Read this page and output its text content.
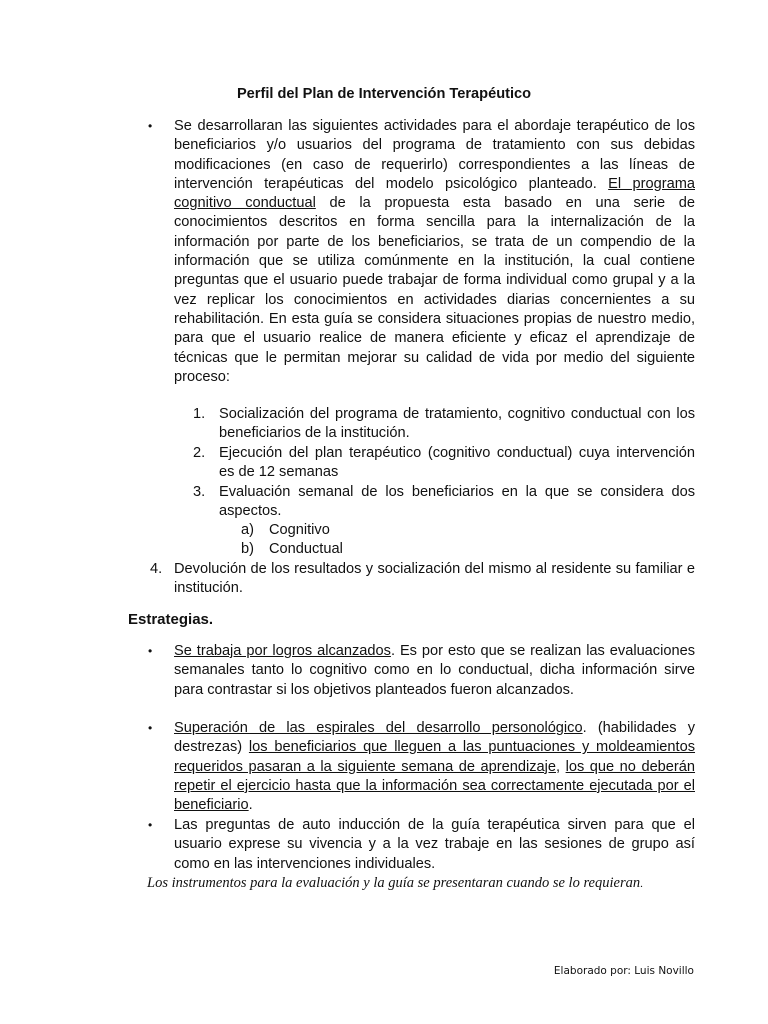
Perfil del Plan de Intervención Terapéutico
• Se desarrollaran las siguientes actividades para el abordaje terapéutico de los beneficiarios y/o usuarios del programa de tratamiento con sus debidas modificaciones (en caso de requerirlo) correspondientes a las líneas de intervención terapéuticas del modelo psicológico planteado. El programa cognitivo conductual de la propuesta esta basado en una serie de conocimientos descritos en forma sencilla para la internalización de la información por parte de los beneficiarios, se trata de un compendio de la información que se utiliza comúnmente en la institución, la cual contiene preguntas que el usuario puede trabajar de forma individual como grupal y a la vez replicar los conocimientos en actividades diarias concernientes a su rehabilitación. En esta guía se considera situaciones propias de nuestro medio, para que el usuario realice de manera eficiente y eficaz el aprendizaje de técnicas que le permitan mejorar su calidad de vida por medio del siguiente proceso:

1. Socialización del programa de tratamiento, cognitivo conductual con los beneficiarios de la institución.
2. Ejecución del plan terapéutico (cognitivo conductual) cuya intervención es de 12 semanas
3. Evaluación semanal de los beneficiarios en la que se considera dos aspectos.
a) Cognitivo
b) Conductual
4. Devolución de los resultados y socialización del mismo al residente su familiar e institución.
Estrategias.
• Se trabaja por logros alcanzados. Es por esto que se realizan las evaluaciones semanales tanto lo cognitivo como en lo conductual, dicha información sirve para contrastar si los objetivos planteados fueron alcanzados.

• Superación de las espirales del desarrollo personológico. (habilidades y destrezas) los beneficiarios que lleguen a las puntuaciones y moldeamientos requeridos pasaran a la siguiente semana de aprendizaje, los que no deberán repetir el ejercicio hasta que la información sea correctamente ejecutada por el beneficiario.

• Las preguntas de auto inducción de la guía terapéutica sirven para que el usuario exprese su vivencia y a la vez trabaje en las sesiones de grupo así como en las intervenciones individuales.

Los instrumentos para la evaluación y la guía se presentaran cuando se lo requieran.
Elaborado por: Luis Novillo
